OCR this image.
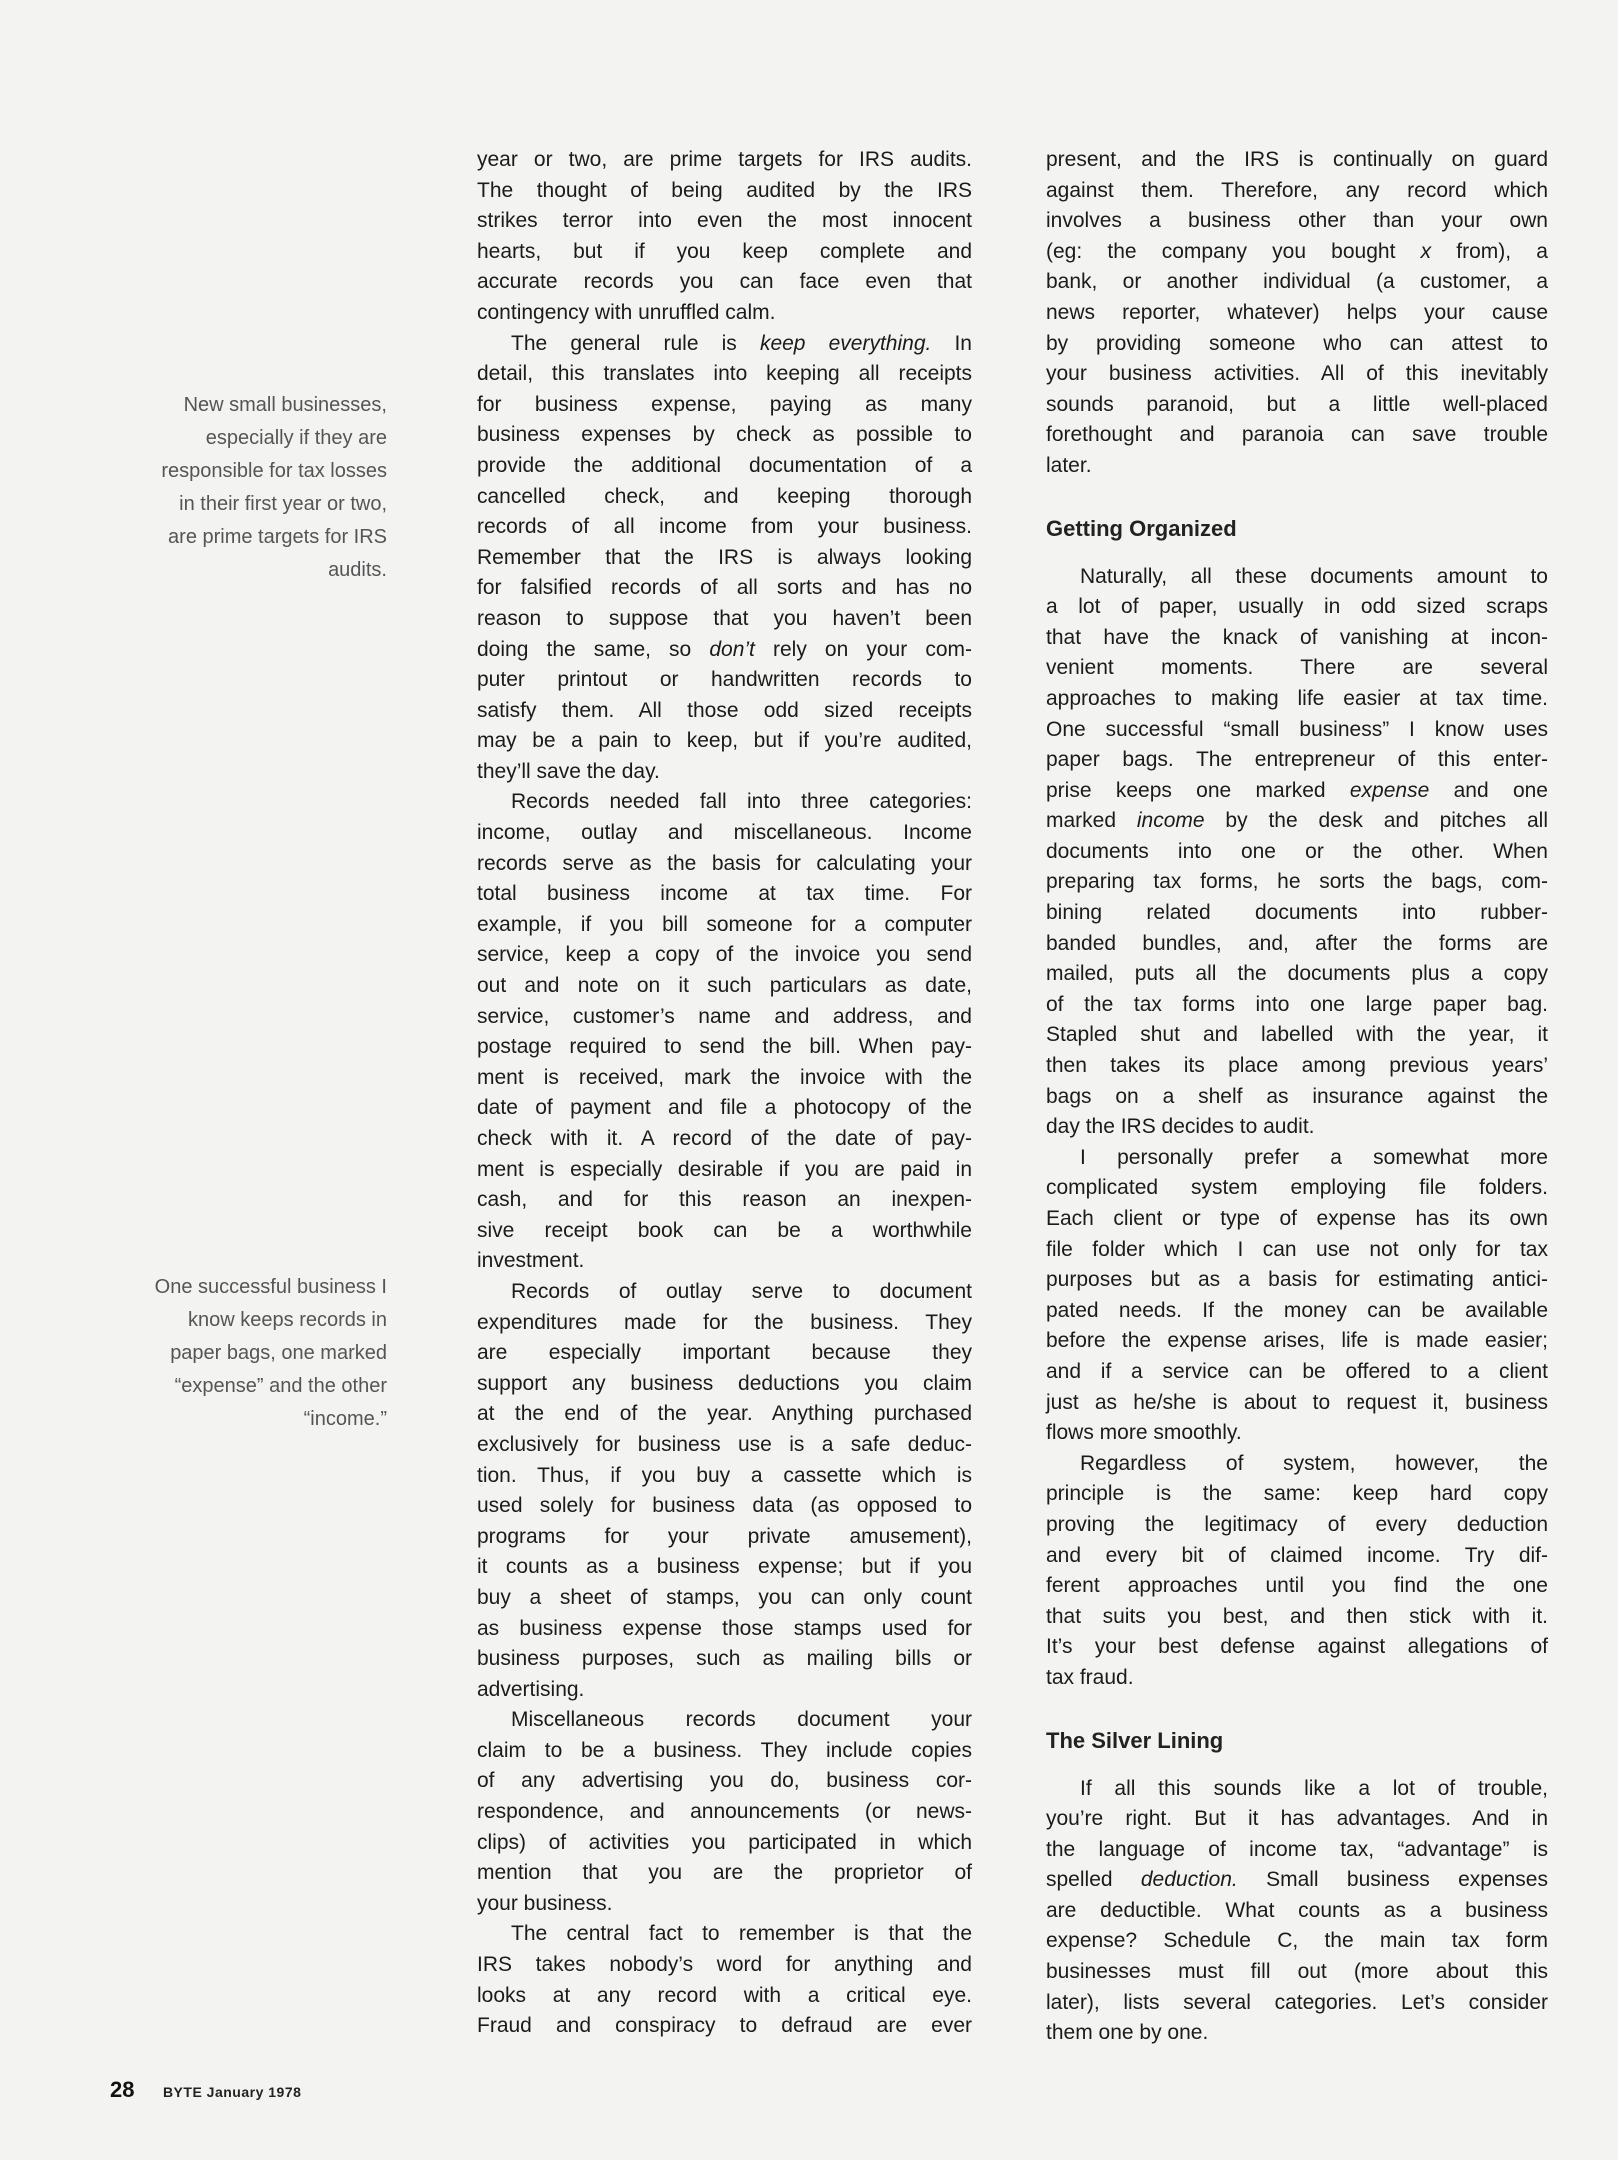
New small businesses,
especially if they are
responsible for tax losses
in their first year or two,
are prime targets for IRS
audits.
One successful business I
know keeps records in
paper bags, one marked
“expense” and the other
“income.”
year or two, are prime targets for IRS audits.
The thought of being audited by the IRS
strikes terror into even the most innocent
hearts, but if you keep complete and
accurate records you can face even that
contingency with unruffled calm.
The general rule is keep everything. In
detail, this translates into keeping all receipts
for business expense, paying as many
business expenses by check as possible to
provide the additional documentation of a
cancelled check, and keeping thorough
records of all income from your business.
Remember that the IRS is always looking
for falsified records of all sorts and has no
reason to suppose that you haven’t been
doing the same, so don’t rely on your com-
puter printout or handwritten records to
satisfy them. All those odd sized receipts
may be a pain to keep, but if you’re audited,
they’ll save the day.
Records needed fall into three categories:
income, outlay and miscellaneous. Income
records serve as the basis for calculating your
total business income at tax time. For
example, if you bill someone for a computer
service, keep a copy of the invoice you send
out and note on it such particulars as date,
service, customer’s name and address, and
postage required to send the bill. When pay-
ment is received, mark the invoice with the
date of payment and file a photocopy of the
check with it. A record of the date of pay-
ment is especially desirable if you are paid in
cash, and for this reason an inexpen-
sive receipt book can be a worthwhile
investment.
Records of outlay serve to document
expenditures made for the business. They
are especially important because they
support any business deductions you claim
at the end of the year. Anything purchased
exclusively for business use is a safe deduc-
tion. Thus, if you buy a cassette which is
used solely for business data (as opposed to
programs for your private amusement),
it counts as a business expense; but if you
buy a sheet of stamps, you can only count
as business expense those stamps used for
business purposes, such as mailing bills or
advertising.
Miscellaneous records document your
claim to be a business. They include copies
of any advertising you do, business cor-
respondence, and announcements (or news-
clips) of activities you participated in which
mention that you are the proprietor of
your business.
The central fact to remember is that the
IRS takes nobody’s word for anything and
looks at any record with a critical eye.
Fraud and conspiracy to defraud are ever
present, and the IRS is continually on guard
against them. Therefore, any record which
involves a business other than your own
(eg: the company you bought x from), a
bank, or another individual (a customer, a
news reporter, whatever) helps your cause
by providing someone who can attest to
your business activities. All of this inevitably
sounds paranoid, but a little well-placed
forethought and paranoia can save trouble
later.
Getting Organized
Naturally, all these documents amount to
a lot of paper, usually in odd sized scraps
that have the knack of vanishing at incon-
venient moments. There are several
approaches to making life easier at tax time.
One successful “small business” I know uses
paper bags. The entrepreneur of this enter-
prise keeps one marked expense and one
marked income by the desk and pitches all
documents into one or the other. When
preparing tax forms, he sorts the bags, com-
bining related documents into rubber-
banded bundles, and, after the forms are
mailed, puts all the documents plus a copy
of the tax forms into one large paper bag.
Stapled shut and labelled with the year, it
then takes its place among previous years’
bags on a shelf as insurance against the
day the IRS decides to audit.
I personally prefer a somewhat more
complicated system employing file folders.
Each client or type of expense has its own
file folder which I can use not only for tax
purposes but as a basis for estimating antici-
pated needs. If the money can be available
before the expense arises, life is made easier;
and if a service can be offered to a client
just as he/she is about to request it, business
flows more smoothly.
Regardless of system, however, the
principle is the same: keep hard copy
proving the legitimacy of every deduction
and every bit of claimed income. Try dif-
ferent approaches until you find the one
that suits you best, and then stick with it.
It’s your best defense against allegations of
tax fraud.
The Silver Lining
If all this sounds like a lot of trouble,
you’re right. But it has advantages. And in
the language of income tax, “advantage” is
spelled deduction. Small business expenses
are deductible. What counts as a business
expense? Schedule C, the main tax form
businesses must fill out (more about this
later), lists several categories. Let’s consider
them one by one.
28 BYTE January 1978
